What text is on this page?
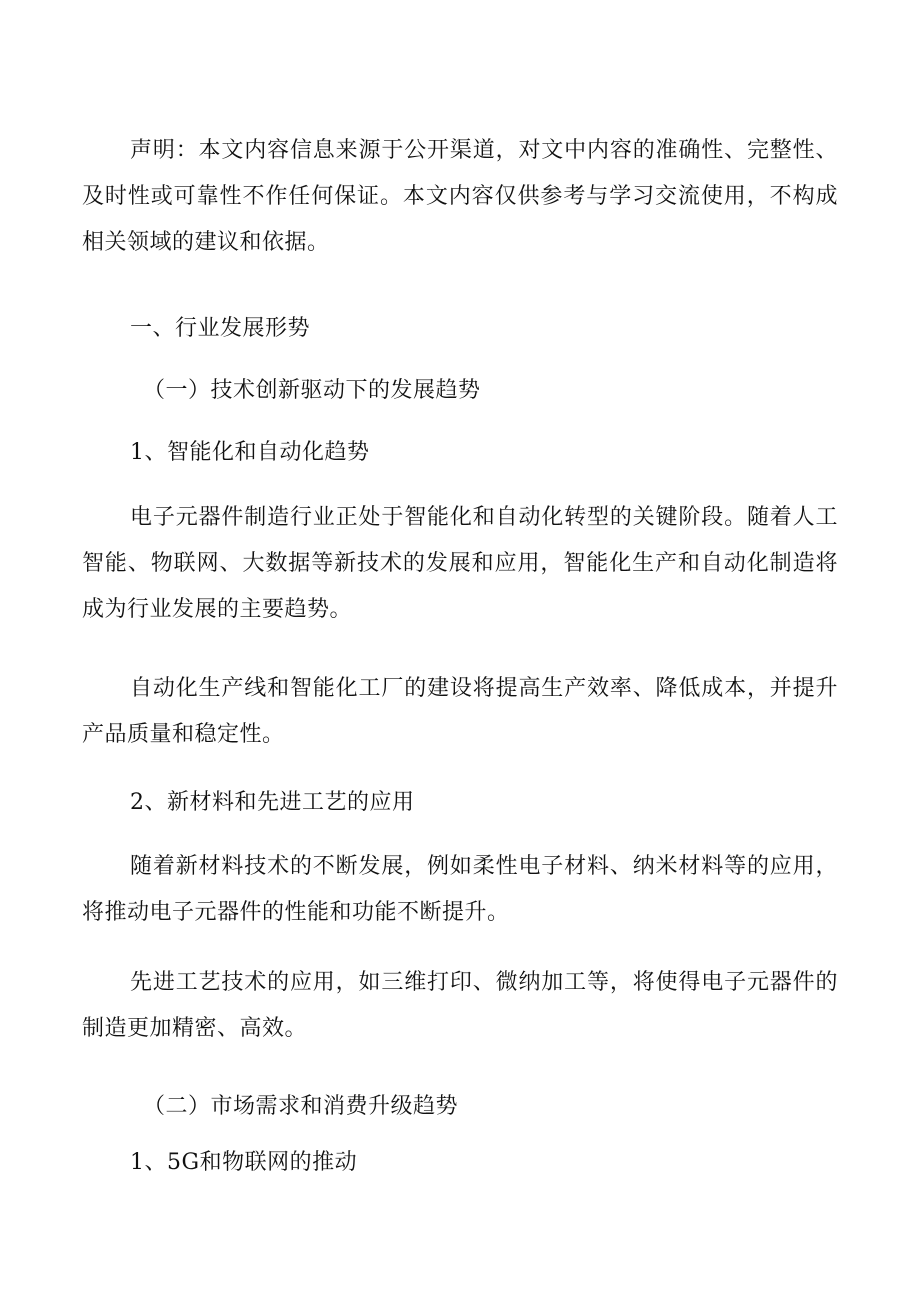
声明：本文内容信息来源于公开渠道，对文中内容的准确性、完整性、及时性或可靠性不作任何保证。本文内容仅供参考与学习交流使用，不构成相关领域的建议和依据。

一、行业发展形势

（一）技术创新驱动下的发展趋势

1、智能化和自动化趋势

电子元器件制造行业正处于智能化和自动化转型的关键阶段。随着人工智能、物联网、大数据等新技术的发展和应用，智能化生产和自动化制造将成为行业发展的主要趋势。

自动化生产线和智能化工厂的建设将提高生产效率、降低成本，并提升产品质量和稳定性。

2、新材料和先进工艺的应用

随着新材料技术的不断发展，例如柔性电子材料、纳米材料等的应用，将推动电子元器件的性能和功能不断提升。

先进工艺技术的应用，如三维打印、微纳加工等，将使得电子元器件的制造更加精密、高效。

（二）市场需求和消费升级趋势

1、5G和物联网的推动
